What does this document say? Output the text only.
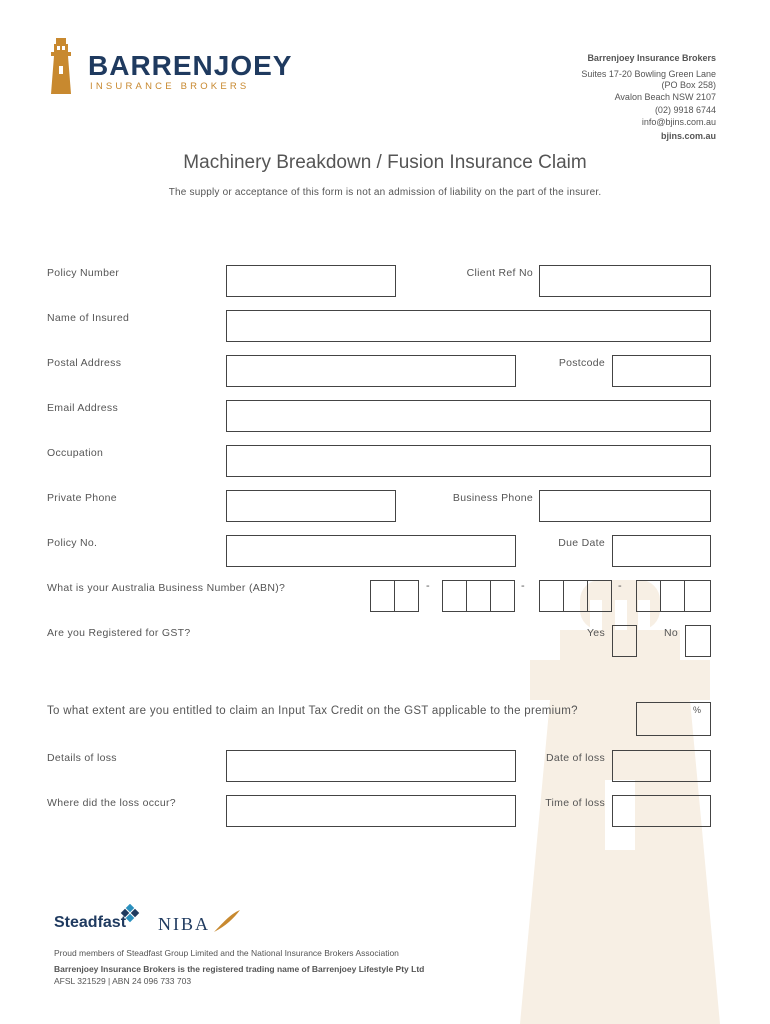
BARRENJOEY
INSURANCE BROKERS
Barrenjoey Insurance Brokers
Suites 17-20 Bowling Green Lane
(PO Box 258)
Avalon Beach NSW 2107
(02) 9918 6744
info@bjins.com.au
bjins.com.au
Machinery Breakdown / Fusion Insurance Claim
The supply or acceptance of this form is not an admission of liability on the part of the insurer.
Policy Number	Client Ref No
Name of Insured
Postal Address	Postcode
Email Address
Occupation
Private Phone	Business Phone
Policy No.	Due Date
What is your Australia Business Number (ABN)?	-	-	-
Are you Registered for GST?	Yes	No
To what extent are you entitled to claim an Input Tax Credit on the GST applicable to the premium?	%
Details of loss	Date of loss
Where did the loss occur?	Time of loss
Steadfast NIBA
Proud members of Steadfast Group Limited and the National Insurance Brokers Association
Barrenjoey Insurance Brokers is the registered trading name of Barrenjoey Lifestyle Pty Ltd
AFSL 321529 | ABN 24 096 733 703
